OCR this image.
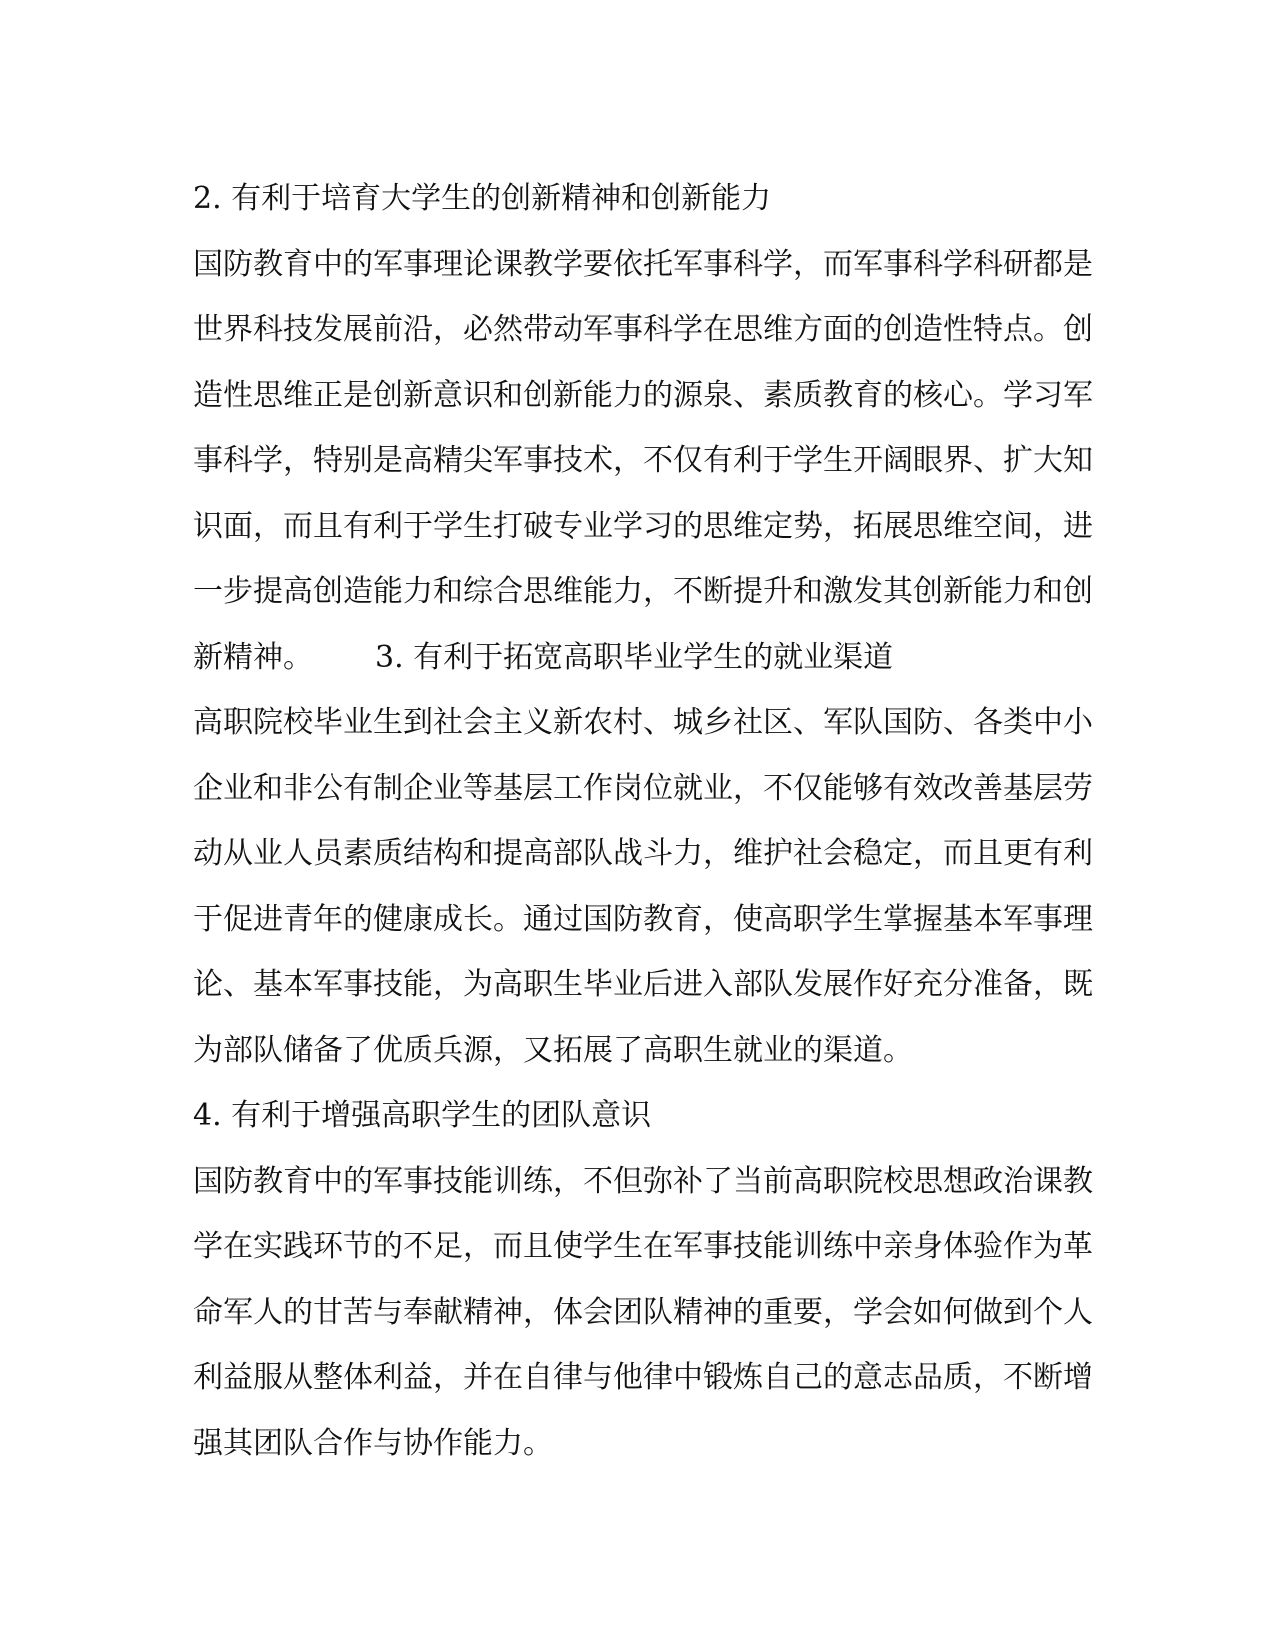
2. 有利于培育大学生的创新精神和创新能力
国防教育中的军事理论课教学要依托军事科学，而军事科学科研都是
世界科技发展前沿，必然带动军事科学在思维方面的创造性特点。创
造性思维正是创新意识和创新能力的源泉、素质教育的核心。学习军
事科学，特别是高精尖军事技术，不仅有利于学生开阔眼界、扩大知
识面，而且有利于学生打破专业学习的思维定势，拓展思维空间，进
一步提高创造能力和综合思维能力，不断提升和激发其创新能力和创
新精神。 3. 有利于拓宽高职毕业学生的就业渠道
高职院校毕业生到社会主义新农村、城乡社区、军队国防、各类中小
企业和非公有制企业等基层工作岗位就业，不仅能够有效改善基层劳
动从业人员素质结构和提高部队战斗力，维护社会稳定，而且更有利
于促进青年的健康成长。通过国防教育，使高职学生掌握基本军事理
论、基本军事技能，为高职生毕业后进入部队发展作好充分准备，既
为部队储备了优质兵源，又拓展了高职生就业的渠道。
4. 有利于增强高职学生的团队意识
国防教育中的军事技能训练，不但弥补了当前高职院校思想政治课教
学在实践环节的不足，而且使学生在军事技能训练中亲身体验作为革
命军人的甘苦与奉献精神，体会团队精神的重要，学会如何做到个人
利益服从整体利益，并在自律与他律中锻炼自己的意志品质，不断增
强其团队合作与协作能力。
